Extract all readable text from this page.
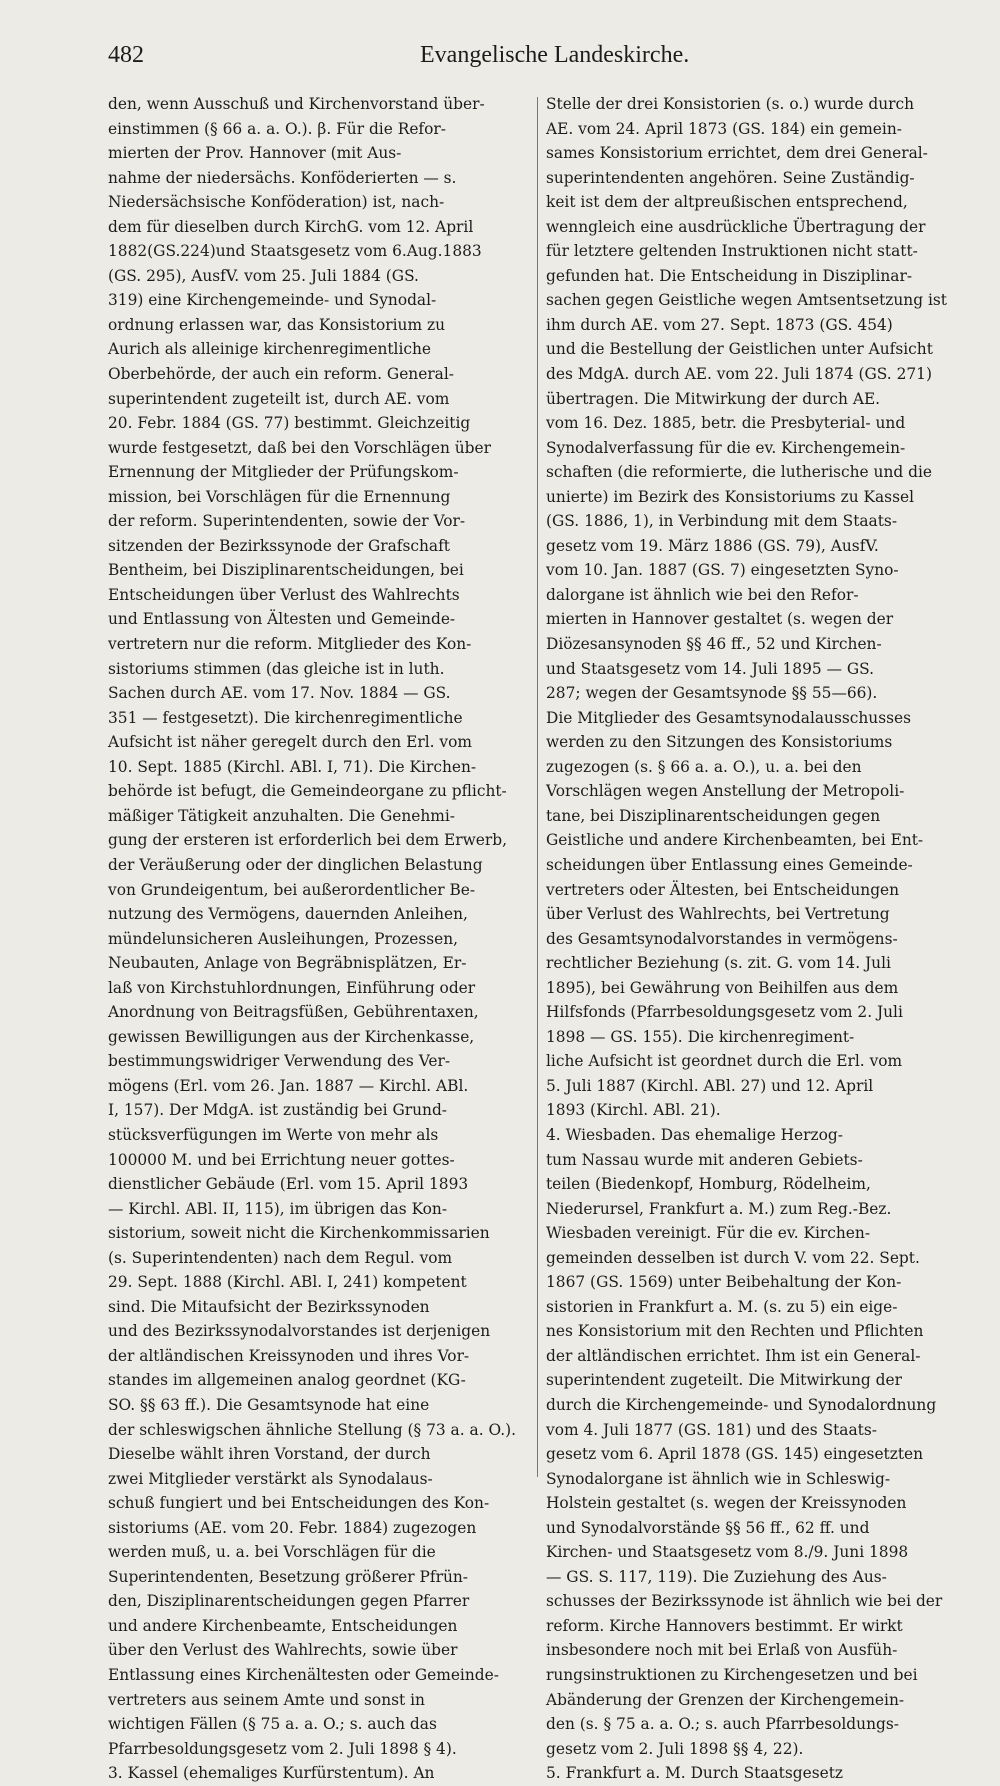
482	Evangelische Landeskirche.
den, wenn Ausschuß und Kirchenvorstand über-
einstimmen (§ 66 a. a. O.). β. Für die Refor-
mierten der Prov. Hannover (mit Aus-
nahme der niedersächs. Konföderierten — s.
Niedersächsische Konföderation) ist, nach-
dem für dieselben durch KirchG. vom 12. April
1882(GS.224)und Staatsgesetz vom 6.Aug.1883
(GS. 295), AusfV. vom 25. Juli 1884 (GS.
319) eine Kirchengemeinde- und Synodal-
ordnung erlassen war, das Konsistorium zu
Aurich als alleinige kirchenregimentliche
Oberbehörde, der auch ein reform. General-
superintendent zugeteilt ist, durch AE. vom
20. Febr. 1884 (GS. 77) bestimmt. Gleichzeitig
wurde festgesetzt, daß bei den Vorschlägen über
Ernennung der Mitglieder der Prüfungskom-
mission, bei Vorschlägen für die Ernennung
der reform. Superintendenten, sowie der Vor-
sitzenden der Bezirkssynode der Grafschaft
Bentheim, bei Disziplinarentscheidungen, bei
Entscheidungen über Verlust des Wahlrechts
und Entlassung von Ältesten und Gemeinde-
vertretern nur die reform. Mitglieder des Kon-
sistoriums stimmen (das gleiche ist in luth.
Sachen durch AE. vom 17. Nov. 1884 — GS.
351 — festgesetzt). Die kirchenregimentliche
Aufsicht ist näher geregelt durch den Erl. vom
10. Sept. 1885 (Kirchl. ABl. I, 71). Die Kirchen-
behörde ist befugt, die Gemeindeorgane zu pflicht-
mäßiger Tätigkeit anzuhalten. Die Genehmi-
gung der ersteren ist erforderlich bei dem Erwerb,
der Veräußerung oder der dinglichen Belastung
von Grundeigentum, bei außerordentlicher Be-
nutzung des Vermögens, dauernden Anleihen,
mündelunsicheren Ausleihungen, Prozessen,
Neubauten, Anlage von Begräbnisplätzen, Er-
laß von Kirchstuhlordnungen, Einführung oder
Anordnung von Beitragsfüßen, Gebührentaxen,
gewissen Bewilligungen aus der Kirchenkasse,
bestimmungswidriger Verwendung des Ver-
mögens (Erl. vom 26. Jan. 1887 — Kirchl. ABl.
I, 157). Der MdgA. ist zuständig bei Grund-
stücksverfügungen im Werte von mehr als
100000 M. und bei Errichtung neuer gottes-
dienstlicher Gebäude (Erl. vom 15. April 1893
— Kirchl. ABl. II, 115), im übrigen das Kon-
sistorium, soweit nicht die Kirchenkommissarien
(s. Superintendenten) nach dem Regul. vom
29. Sept. 1888 (Kirchl. ABl. I, 241) kompetent
sind. Die Mitaufsicht der Bezirkssynoden
und des Bezirkssynodalvorstandes ist derjenigen
der altländischen Kreissynoden und ihres Vor-
standes im allgemeinen analog geordnet (KG-
SO. §§ 63 ff.). Die Gesamtsynode hat eine
der schleswigschen ähnliche Stellung (§ 73 a. a. O.).
Dieselbe wählt ihren Vorstand, der durch
zwei Mitglieder verstärkt als Synodalaus-
schuß fungiert und bei Entscheidungen des Kon-
sistoriums (AE. vom 20. Febr. 1884) zugezogen
werden muß, u. a. bei Vorschlägen für die
Superintendenten, Besetzung größerer Pfrün-
den, Disziplinarentscheidungen gegen Pfarrer
und andere Kirchenbeamte, Entscheidungen
über den Verlust des Wahlrechts, sowie über
Entlassung eines Kirchenältesten oder Gemeinde-
vertreters aus seinem Amte und sonst in
wichtigen Fällen (§ 75 a. a. O.; s. auch das
Pfarrbesoldungsgesetz vom 2. Juli 1898 § 4).
3. Kassel (ehemaliges Kurfürstentum). An
Stelle der drei Konsistorien (s. o.) wurde durch
AE. vom 24. April 1873 (GS. 184) ein gemein-
sames Konsistorium errichtet, dem drei General-
superintendenten angehören. Seine Zuständig-
keit ist dem der altpreußischen entsprechend,
wenngleich eine ausdrückliche Übertragung der
für letztere geltenden Instruktionen nicht statt-
gefunden hat. Die Entscheidung in Disziplinar-
sachen gegen Geistliche wegen Amtsentsetzung ist
ihm durch AE. vom 27. Sept. 1873 (GS. 454)
und die Bestellung der Geistlichen unter Aufsicht
des MdgA. durch AE. vom 22. Juli 1874 (GS. 271)
übertragen. Die Mitwirkung der durch AE.
vom 16. Dez. 1885, betr. die Presbyterial- und
Synodalverfassung für die ev. Kirchengemein-
schaften (die reformierte, die lutherische und die
unierte) im Bezirk des Konsistoriums zu Kassel
(GS. 1886, 1), in Verbindung mit dem Staats-
gesetz vom 19. März 1886 (GS. 79), AusfV.
vom 10. Jan. 1887 (GS. 7) eingesetzten Syno-
dalorgane ist ähnlich wie bei den Refor-
mierten in Hannover gestaltet (s. wegen der
Diözesansynoden §§ 46 ff., 52 und Kirchen-
und Staatsgesetz vom 14. Juli 1895 — GS.
287; wegen der Gesamtsynode §§ 55—66).
Die Mitglieder des Gesamtsynodalausschusses
werden zu den Sitzungen des Konsistoriums
zugezogen (s. § 66 a. a. O.), u. a. bei den
Vorschlägen wegen Anstellung der Metropoli-
tane, bei Disziplinarentscheidungen gegen
Geistliche und andere Kirchenbeamten, bei Ent-
scheidungen über Entlassung eines Gemeinde-
vertreters oder Ältesten, bei Entscheidungen
über Verlust des Wahlrechts, bei Vertretung
des Gesamtsynodalvorstandes in vermögens-
rechtlicher Beziehung (s. zit. G. vom 14. Juli
1895), bei Gewährung von Beihilfen aus dem
Hilfsfonds (Pfarrbesoldungsgesetz vom 2. Juli
1898 — GS. 155). Die kirchenregiment-
liche Aufsicht ist geordnet durch die Erl. vom
5. Juli 1887 (Kirchl. ABl. 27) und 12. April
1893 (Kirchl. ABl. 21).
4. Wiesbaden. Das ehemalige Herzog-
tum Nassau wurde mit anderen Gebiets-
teilen (Biedenkopf, Homburg, Rödelheim,
Niederursel, Frankfurt a. M.) zum Reg.-Bez.
Wiesbaden vereinigt. Für die ev. Kirchen-
gemeinden desselben ist durch V. vom 22. Sept.
1867 (GS. 1569) unter Beibehaltung der Kon-
sistorien in Frankfurt a. M. (s. zu 5) ein eige-
nes Konsistorium mit den Rechten und Pflichten
der altländischen errichtet. Ihm ist ein General-
superintendent zugeteilt. Die Mitwirkung der
durch die Kirchengemeinde- und Synodalordnung
vom 4. Juli 1877 (GS. 181) und des Staats-
gesetz vom 6. April 1878 (GS. 145) eingesetzten
Synodalorgane ist ähnlich wie in Schleswig-
Holstein gestaltet (s. wegen der Kreissynoden
und Synodalvorstände §§ 56 ff., 62 ff. und
Kirchen- und Staatsgesetz vom 8./9. Juni 1898
— GS. S. 117, 119). Die Zuziehung des Aus-
schusses der Bezirkssynode ist ähnlich wie bei der
reform. Kirche Hannovers bestimmt. Er wirkt
insbesondere noch mit bei Erlaß von Ausfüh-
rungsinstruktionen zu Kirchengesetzen und bei
Abänderung der Grenzen der Kirchengemein-
den (s. § 75 a. a. O.; s. auch Pfarrbesoldungs-
gesetz vom 2. Juli 1898 §§ 4, 22).
5. Frankfurt a. M. Durch Staatsgesetz
